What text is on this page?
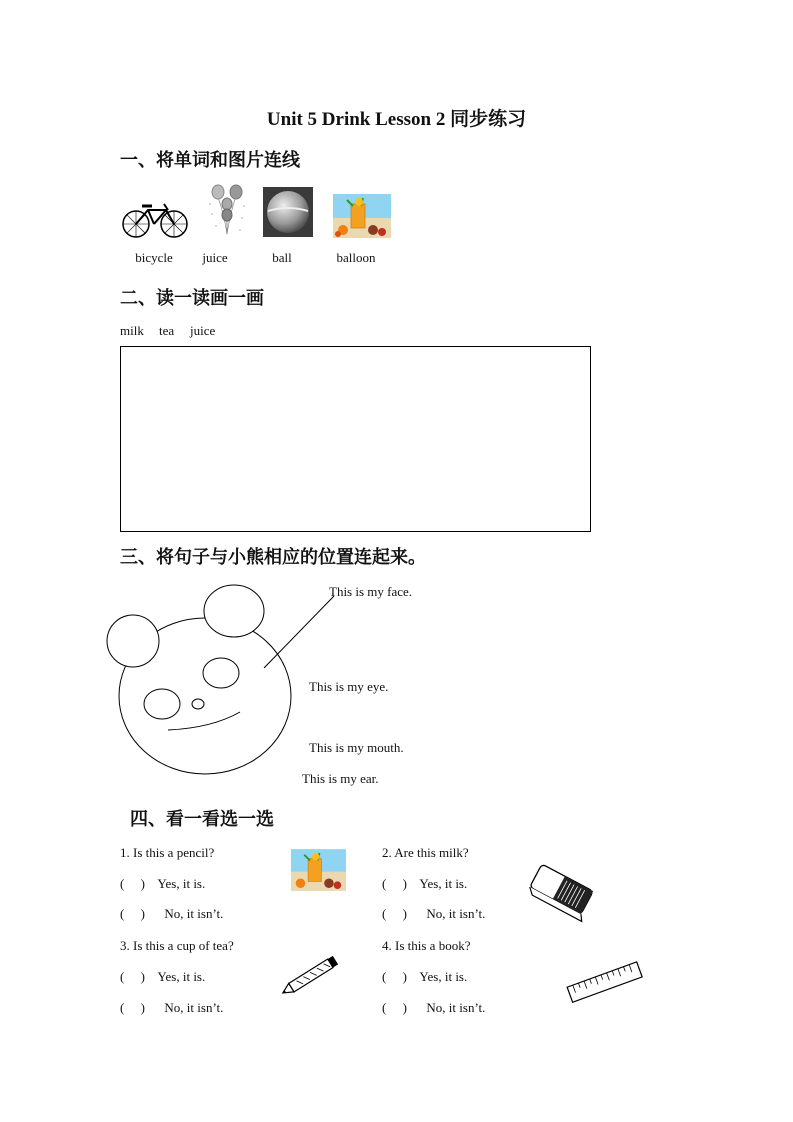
Unit 5 Drink Lesson 2 同步练习
一、将单词和图片连线
bicycle	juice	ball	balloon
二、读一读画一画
milk tea juice
三、将句子与小熊相应的位置连起来。
This is my face.
This is my eye.
This is my mouth.
This is my ear.
四、看一看选一选
1. Is this a pencil?
(     )    Yes, it is.
(     )      No, it isn’t.
2. Are this milk?
(     )    Yes, it is.
(     )      No, it isn’t.
3. Is this a cup of tea?
(     )    Yes, it is.
(     )      No, it isn’t.
4. Is this a book?
(     )    Yes, it is.
(     )      No, it isn’t.
